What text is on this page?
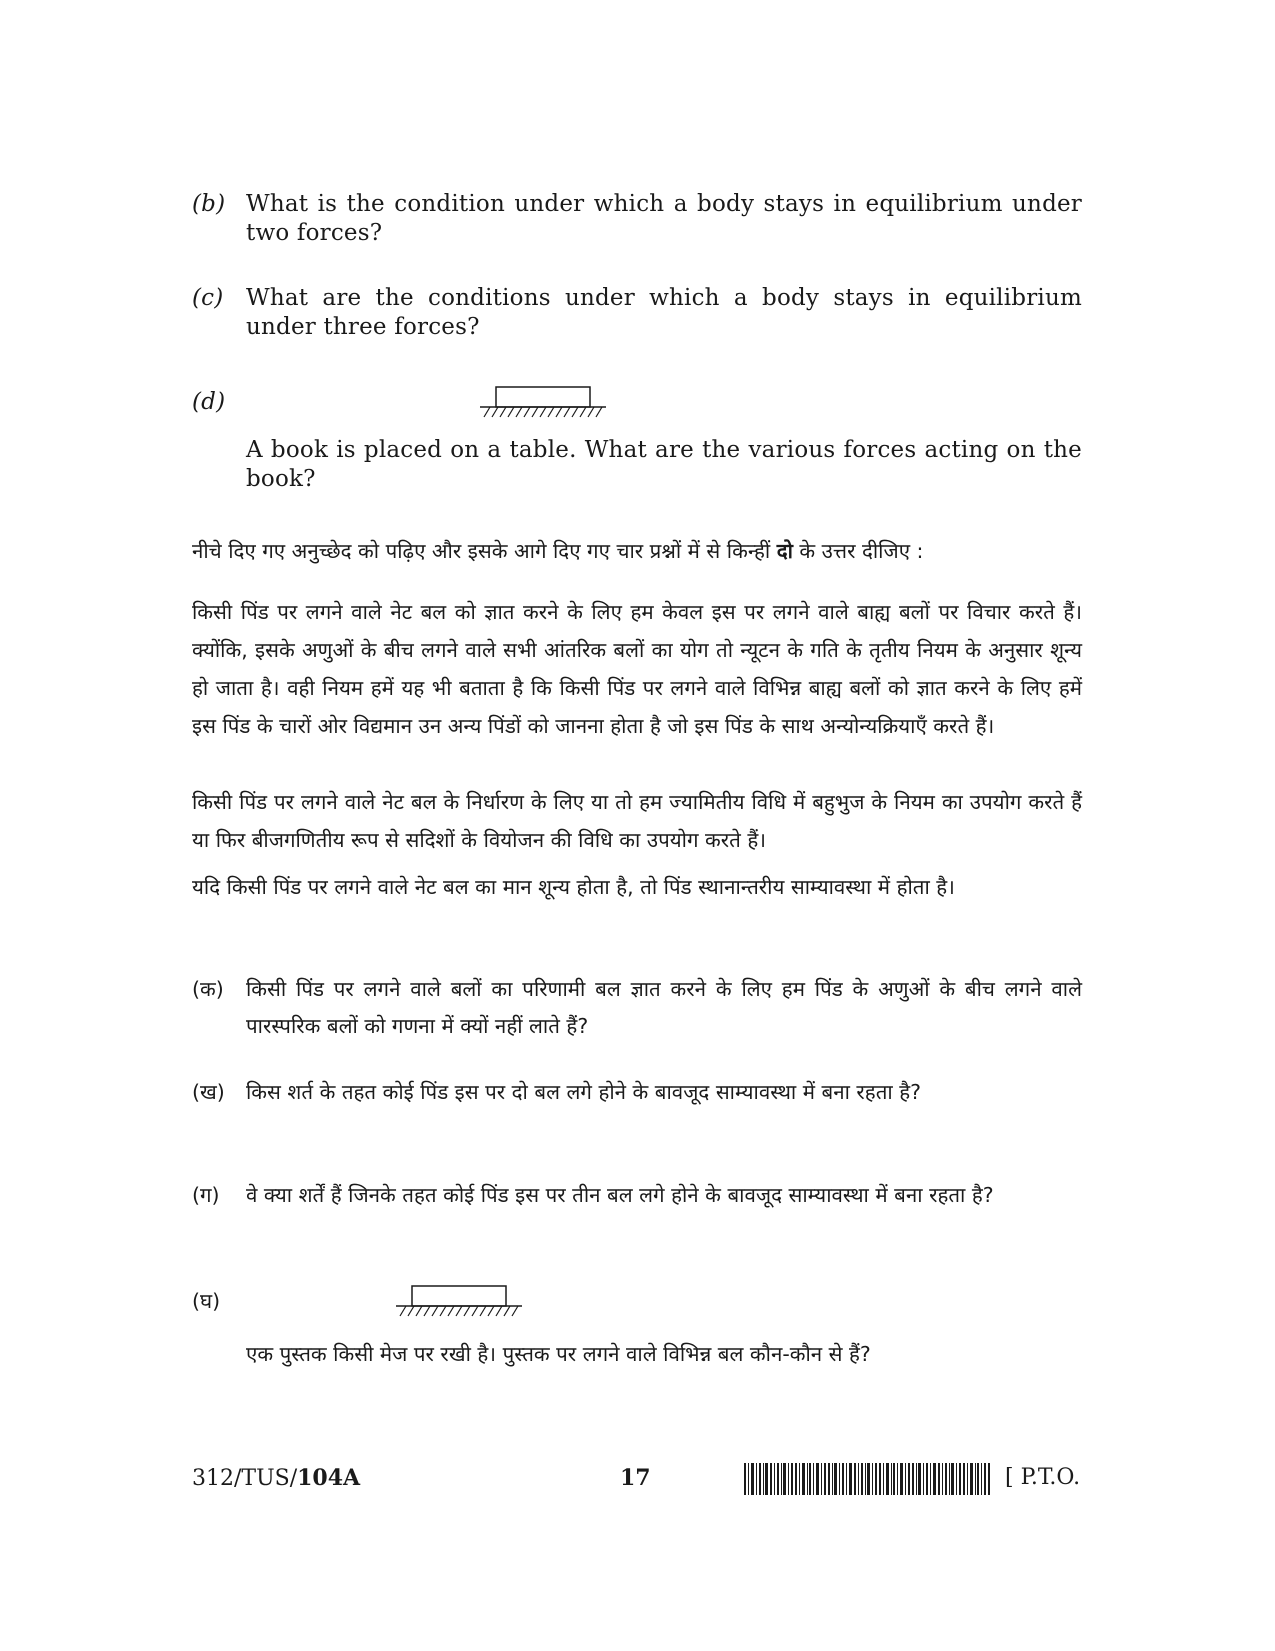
(b) What is the condition under which a body stays in equilibrium under two forces?
(c) What are the conditions under which a body stays in equilibrium under three forces?
(d)
A book is placed on a table. What are the various forces acting on the book?
नीचे दिए गए अनुच्छेद को पढ़िए और इसके आगे दिए गए चार प्रश्नों में से किन्हीं दो के उत्तर दीजिए :
किसी पिंड पर लगने वाले नेट बल को ज्ञात करने के लिए हम केवल इस पर लगने वाले बाह्य बलों पर विचार करते हैं। क्योंकि, इसके अणुओं के बीच लगने वाले सभी आंतरिक बलों का योग तो न्यूटन के गति के तृतीय नियम के अनुसार शून्य हो जाता है। वही नियम हमें यह भी बताता है कि किसी पिंड पर लगने वाले विभिन्न बाह्य बलों को ज्ञात करने के लिए हमें इस पिंड के चारों ओर विद्यमान उन अन्य पिंडों को जानना होता है जो इस पिंड के साथ अन्योन्यक्रियाएँ करते हैं।
किसी पिंड पर लगने वाले नेट बल के निर्धारण के लिए या तो हम ज्यामितीय विधि में बहुभुज के नियम का उपयोग करते हैं या फिर बीजगणितीय रूप से सदिशों के वियोजन की विधि का उपयोग करते हैं।
यदि किसी पिंड पर लगने वाले नेट बल का मान शून्य होता है, तो पिंड स्थानान्तरीय साम्यावस्था में होता है।
(क) किसी पिंड पर लगने वाले बलों का परिणामी बल ज्ञात करने के लिए हम पिंड के अणुओं के बीच लगने वाले पारस्परिक बलों को गणना में क्यों नहीं लाते हैं?
(ख) किस शर्त के तहत कोई पिंड इस पर दो बल लगे होने के बावजूद साम्यावस्था में बना रहता है?
(ग) वे क्या शर्तें हैं जिनके तहत कोई पिंड इस पर तीन बल लगे होने के बावजूद साम्यावस्था में बना रहता है?
(घ)
एक पुस्तक किसी मेज पर रखी है। पुस्तक पर लगने वाले विभिन्न बल कौन-कौन से हैं?
312/TUS/104A	17	[ P.T.O.
